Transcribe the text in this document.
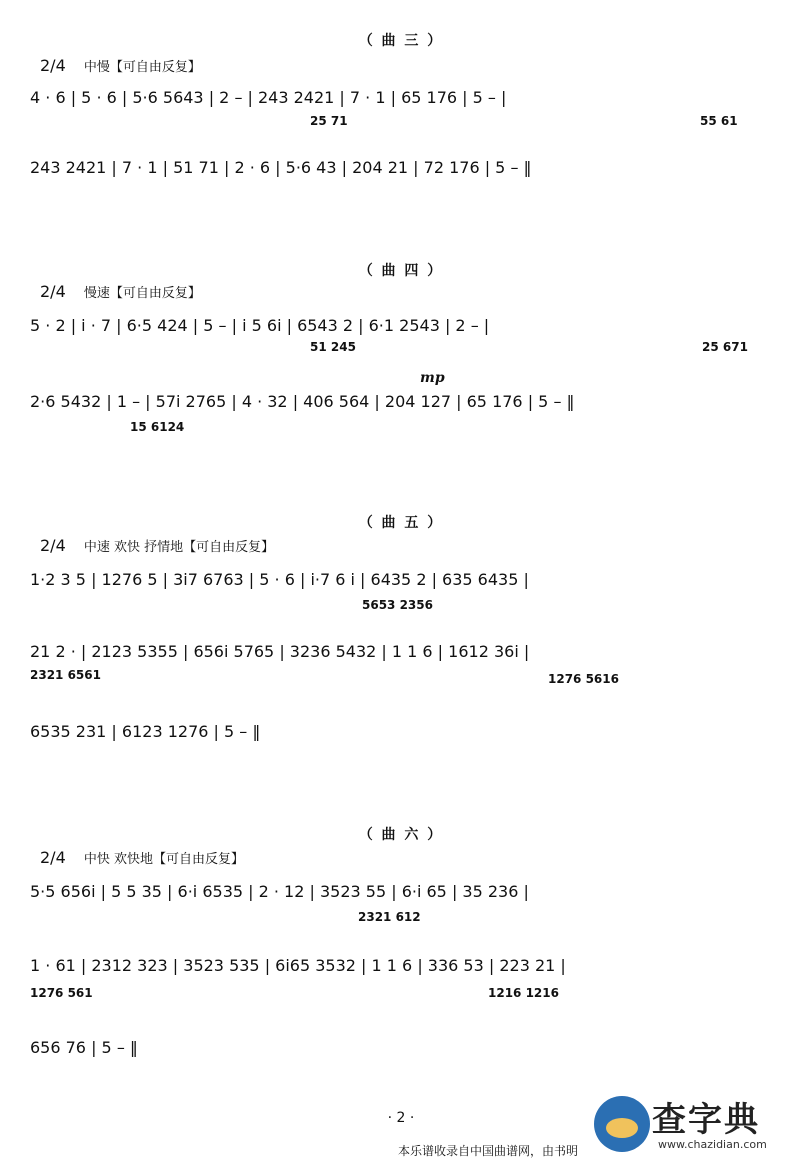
（ 曲 三 ）
2/4 中慢【可自由反复】
4 · 6 | 5 · 6 | 5·6 5643 | 2 – | 243 2421 | 7 · 1 | 65 176 | 5 – |
25 71	55 61
243 2421 | 7 · 1 | 51 71 | 2 · 6 | 5·6 43 | 204 21 | 72 176 | 5 – ‖
（ 曲 四 ）
2/4 慢速【可自由反复】
5 · 2 | i · 7 | 6·5 424 | 5 – | i 5 6i | 6543 2 | 6·1 2543 | 2 – |
51 245	25 671
mp
2·6 5432 | 1 – | 57i 2765 | 4 · 32 | 406 564 | 204 127 | 65 176 | 5 – ‖
15 6124
（ 曲 五 ）
2/4 中速 欢快 抒情地【可自由反复】
1·2 3 5 | 1276 5 | 3i7 6763 | 5 · 6 | i·7 6 i | 6435 2 | 635 6435 |
5653 2356
21 2 · | 2123 5355 | 656i 5765 | 3236 5432 | 1 1 6 | 1612 36i |
2321 6561	1276 5616
6535 231 | 6123 1276 | 5 – ‖
（ 曲 六 ）
2/4 中快 欢快地【可自由反复】
5·5 656i | 5 5 35 | 6·i 6535 | 2 · 12 | 3523 55 | 6·i 65 | 35 236 |
2321 612
1 · 61 | 2312 323 | 3523 535 | 6i65 3532 | 1 1 6 | 336 53 | 223 21 |
1276 561	1216 1216
656 76 | 5 – ‖
· 2 ·
本乐谱收录自中国曲谱网，由书明
查字典
www.chazidian.com
